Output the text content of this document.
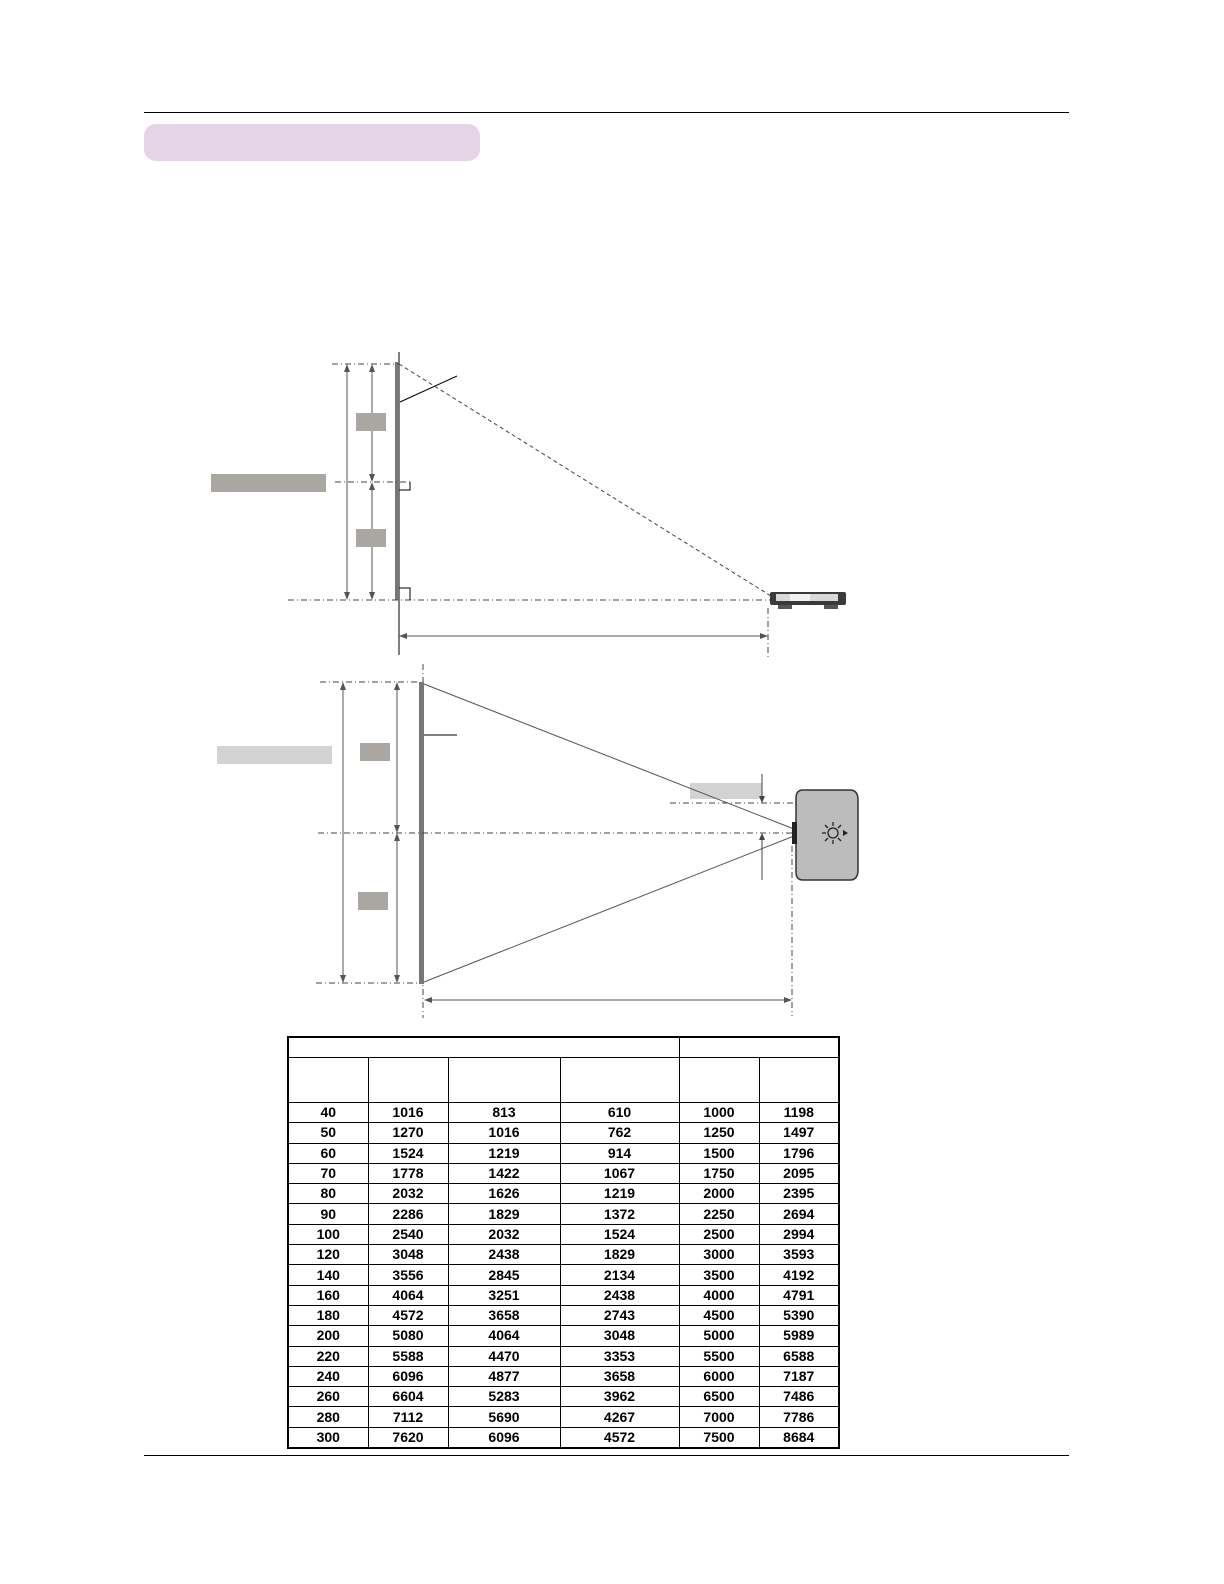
40	1016	813	610	1000	1198
50	1270	1016	762	1250	1497
60	1524	1219	914	1500	1796
70	1778	1422	1067	1750	2095
80	2032	1626	1219	2000	2395
90	2286	1829	1372	2250	2694
100	2540	2032	1524	2500	2994
120	3048	2438	1829	3000	3593
140	3556	2845	2134	3500	4192
160	4064	3251	2438	4000	4791
180	4572	3658	2743	4500	5390
200	5080	4064	3048	5000	5989
220	5588	4470	3353	5500	6588
240	6096	4877	3658	6000	7187
260	6604	5283	3962	6500	7486
280	7112	5690	4267	7000	7786
300	7620	6096	4572	7500	8684
